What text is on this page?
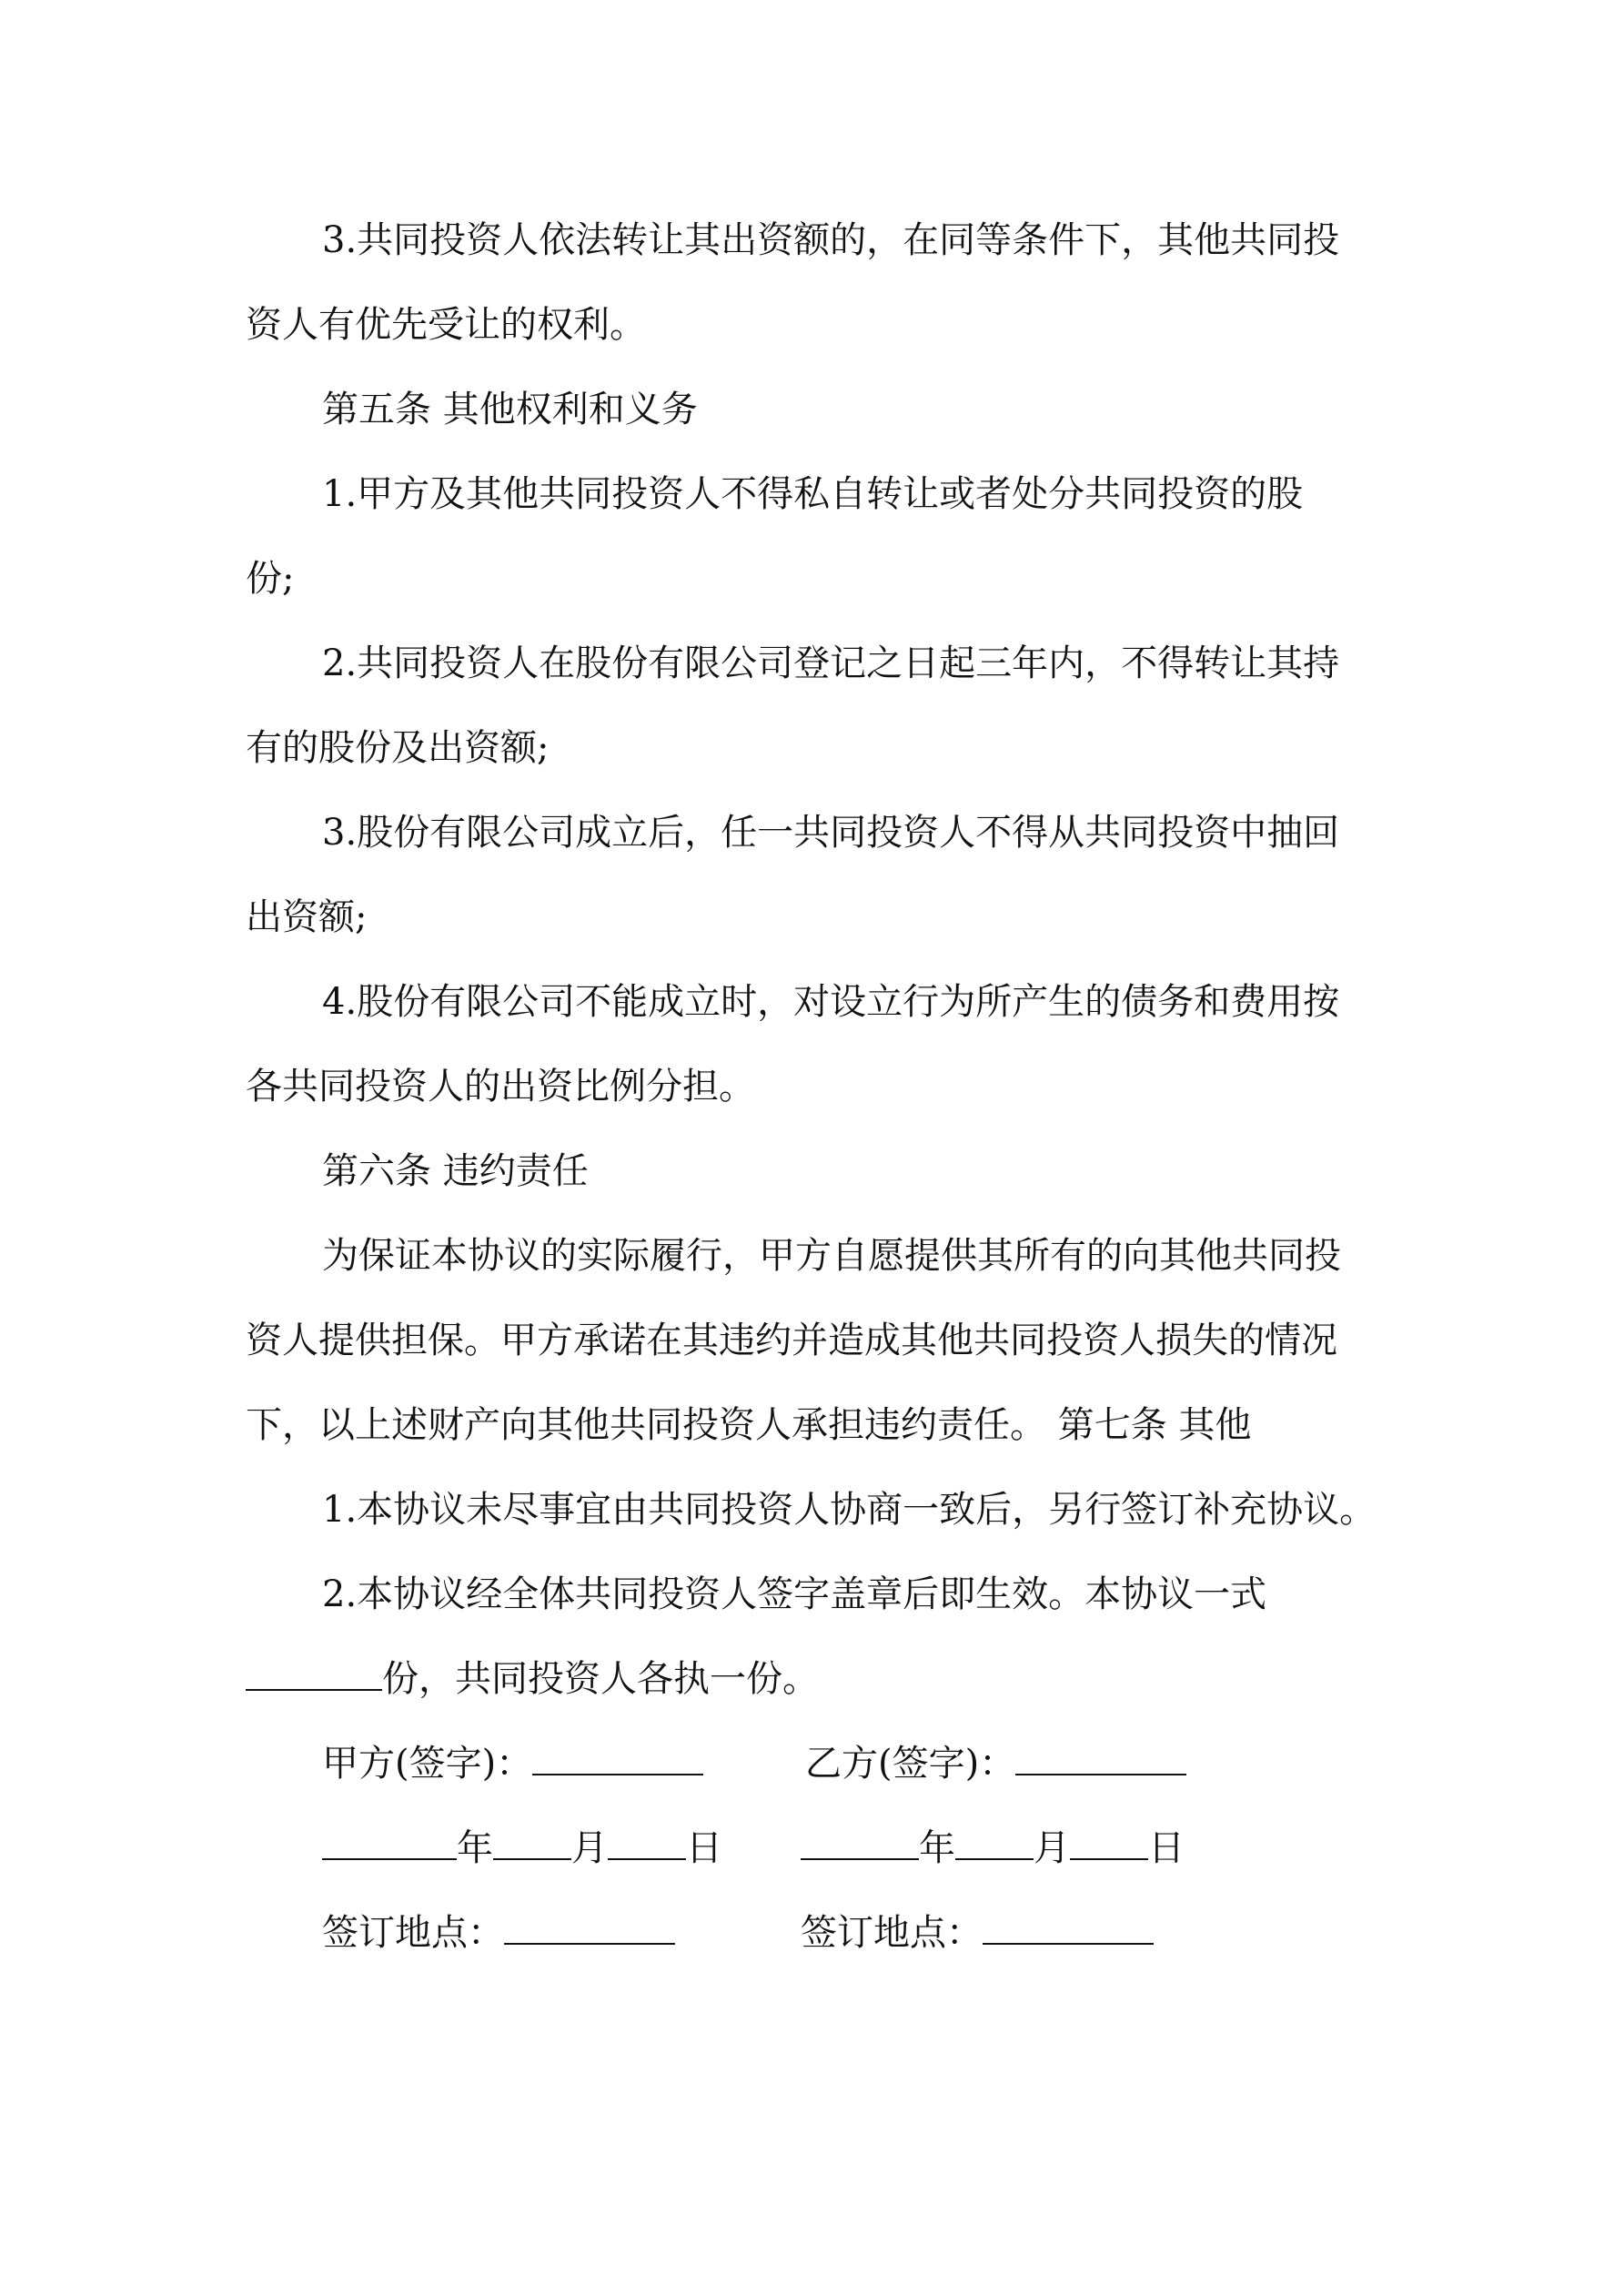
3.共同投资人依法转让其出资额的，在同等条件下，其他共同投
资人有优先受让的权利。
第五条 其他权利和义务
1.甲方及其他共同投资人不得私自转让或者处分共同投资的股
份;
2.共同投资人在股份有限公司登记之日起三年内，不得转让其持
有的股份及出资额;
3.股份有限公司成立后，任一共同投资人不得从共同投资中抽回
出资额;
4.股份有限公司不能成立时，对设立行为所产生的债务和费用按
各共同投资人的出资比例分担。
第六条 违约责任
为保证本协议的实际履行，甲方自愿提供其所有的向其他共同投
资人提供担保。甲方承诺在其违约并造成其他共同投资人损失的情况
下，以上述财产向其他共同投资人承担违约责任。 第七条 其他
1.本协议未尽事宜由共同投资人协商一致后，另行签订补充协议。
2.本协议经全体共同投资人签字盖章后即生效。本协议一式
份，共同投资人各执一份。
甲方(签字)：	乙方(签字)：
年 月 日	年 月 日
签订地点：	签订地点：
